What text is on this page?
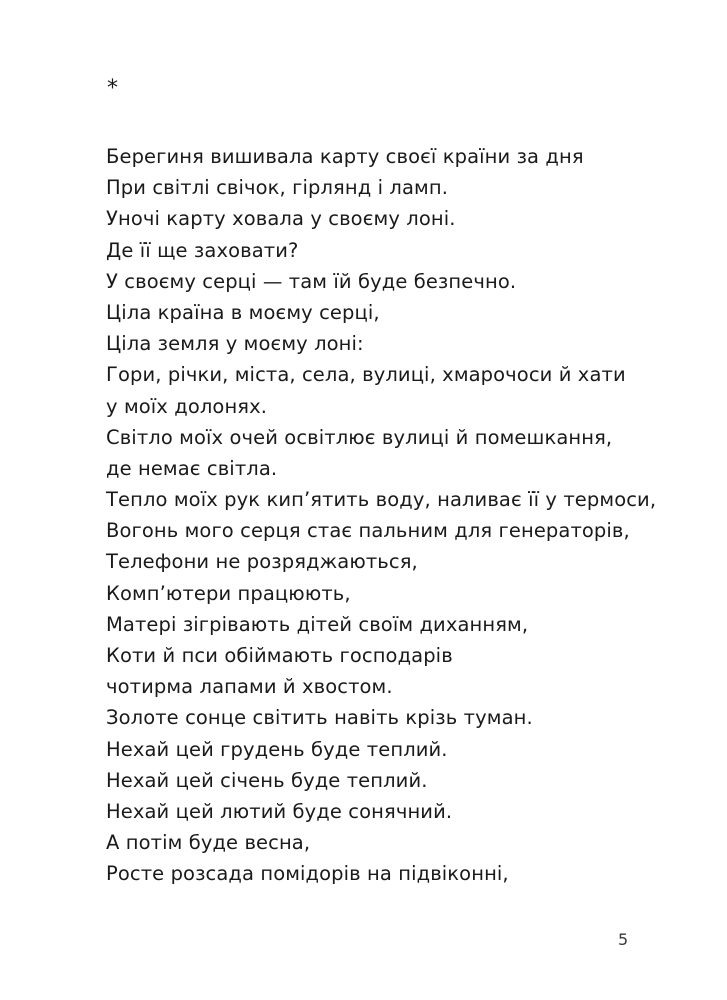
*
Берегиня вишивала карту своєї країни за дня
При світлі свічок, гірлянд і ламп.
Уночі карту ховала у своєму лоні.
Де її ще заховати?
У своєму серці — там їй буде безпечно.
Ціла країна в моєму серці,
Ціла земля у моєму лоні:
Гори, річки, міста, села, вулиці, хмарочоси й хати
у моїх долонях.
Світло моїх очей освітлює вулиці й помешкання,
де немає світла.
Тепло моїх рук кип’ятить воду, наливає її у термоси,
Вогонь мого серця стає пальним для генераторів,
Телефони не розряджаються,
Комп’ютери працюють,
Матері зігрівають дітей своїм диханням,
Коти й пси обіймають господарів
чотирма лапами й хвостом.
Золоте сонце світить навіть крізь туман.
Нехай цей грудень буде теплий.
Нехай цей січень буде теплий.
Нехай цей лютий буде сонячний.
А потім буде весна,
Росте розсада помідорів на підвіконні,
5
